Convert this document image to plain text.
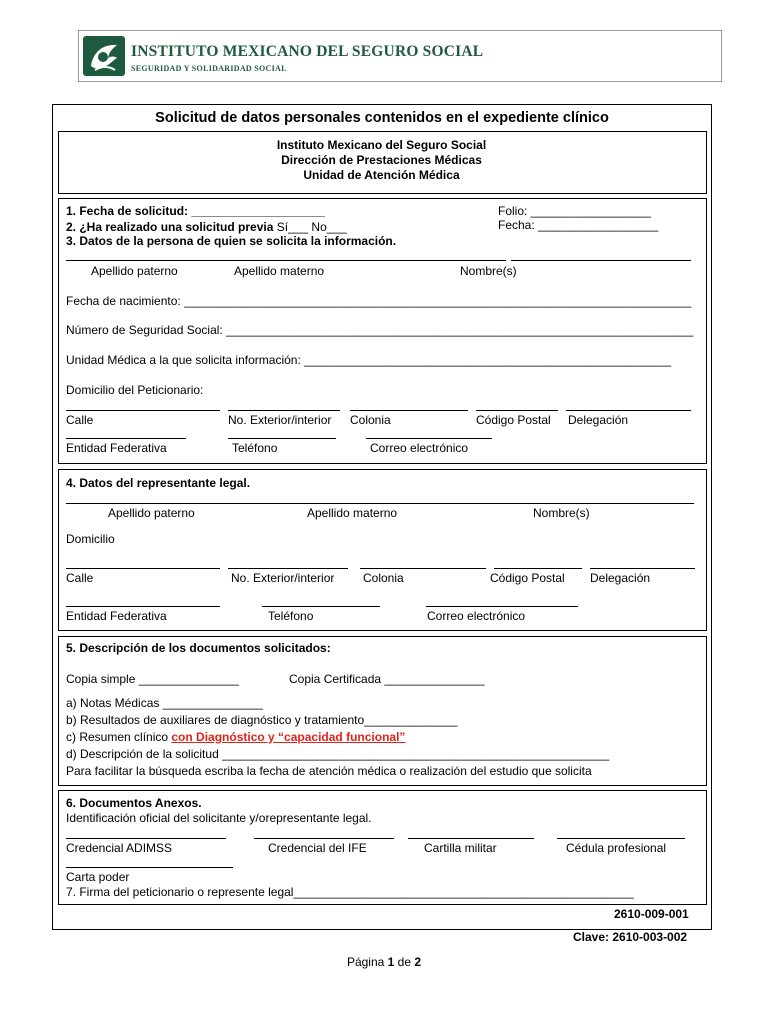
INSTITUTO MEXICANO DEL SEGURO SOCIAL
SEGURIDAD Y SOLIDARIDAD SOCIAL
Solicitud de datos personales contenidos en el expediente clínico
Instituto Mexicano del Seguro Social
Dirección de Prestaciones Médicas
Unidad de Atención Médica
1. Fecha de solicitud: ____________________	Folio: __________________
2. ¿Ha realizado una solicitud previa Sí___ No___	Fecha: __________________
3. Datos de la persona de quien se solicita la información.
Apellido paterno	Apellido materno	Nombre(s)
Fecha de nacimiento: ____________________________________________________________________________
Número de Seguridad Social: ______________________________________________________________________
Unidad Médica a la que solicita información: _______________________________________________________
Domicilio del Peticionario:
Calle	No. Exterior/interior Colonia	Código Postal Delegación
Entidad Federativa	Teléfono	Correo electrónico
4. Datos del representante legal.
Apellido paterno	Apellido materno	Nombre(s)
Domicilio
Calle	No. Exterior/interior Colonia	Código Postal Delegación
Entidad Federativa	Teléfono	Correo electrónico
5. Descripción de los documentos solicitados:
Copia simple _______________	Copia Certificada _______________
a) Notas Médicas _______________
b) Resultados de auxiliares de diagnóstico y tratamiento______________
c) Resumen clínico con Diagnóstico y “capacidad funcional”
d) Descripción de la solicitud __________________________________________________________
Para facilitar la búsqueda escriba la fecha de atención médica o realización del estudio que solicita
6. Documentos Anexos.
Identificación oficial del solicitante y/orepresentante legal.
Credencial ADIMSS	Credencial del IFE	Cartilla militar	Cédula profesional
Carta poder
7. Firma del peticionario o represente legal___________________________________________________
2610-009-001
Clave: 2610-003-002
Página 1 de 2
